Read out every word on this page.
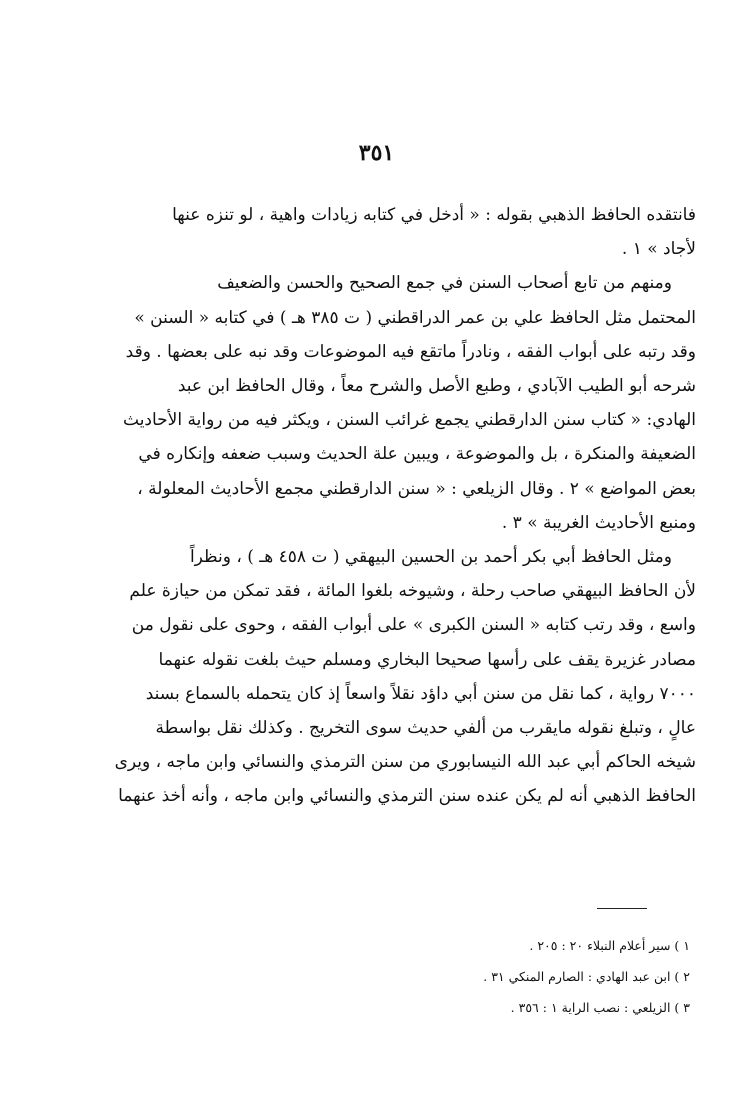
٣٥١

فانتقده الحافظ الذهبي بقوله : « أدخل في كتابه زيادات واهية ، لو تنزه عنها

لأجاد » ١ .

ومنهم من تابع أصحاب السنن في جمع الصحيح والحسن والضعيف

المحتمل مثل الحافظ علي بن عمر الدراقطني ( ت ٣٨٥ هـ ) في كتابه « السنن »

وقد رتبه على أبواب الفقه ، ونادراً ماتقع فيه الموضوعات وقد نبه على بعضها . وقد

شرحه أبو الطيب الآبادي ، وطبع الأصل والشرح معاً ، وقال الحافظ ابن عبد

الهادي: « كتاب سنن الدارقطني يجمع غرائب السنن ، ويكثر فيه من رواية الأحاديث

الضعيفة والمنكرة ، بل والموضوعة ، ويبين علة الحديث وسبب ضعفه وإنكاره في

بعض المواضع » ٢ . وقال الزيلعي : « سنن الدارقطني مجمع الأحاديث المعلولة ،

ومنبع الأحاديث الغريبة » ٣ .

ومثل الحافظ أبي بكر أحمد بن الحسين البيهقي ( ت ٤٥٨ هـ ) ، ونظراً

لأن الحافظ البيهقي صاحب رحلة ، وشيوخه بلغوا المائة ، فقد تمكن من حيازة علم

واسع ، وقد رتب كتابه « السنن الكبرى » على أبواب الفقه ، وحوى على نقول من

مصادر غزيرة يقف على رأسها صحيحا البخاري ومسلم حيث بلغت نقوله عنهما

٧٠٠٠ رواية ، كما نقل من سنن أبي داؤد نقلاً واسعاً إذ كان يتحمله بالسماع بسند

عالٍ ، وتبلغ نقوله مايقرب من ألفي حديث سوى التخريج . وكذلك نقل بواسطة

شيخه الحاكم أبي عبد الله النيسابوري من سنن الترمذي والنسائي وابن ماجه ، ويرى

الحافظ الذهبي أنه لم يكن عنده سنن الترمذي والنسائي وابن ماجه ، وأنه أخذ عنهما

١ ) سير أعلام النبلاء ٢٠ : ٢٠٥ .
٢ ) ابن عبد الهادي : الصارم المنكي ٣١ .
٣ ) الزيلعي : نصب الراية ١ : ٣٥٦ .
